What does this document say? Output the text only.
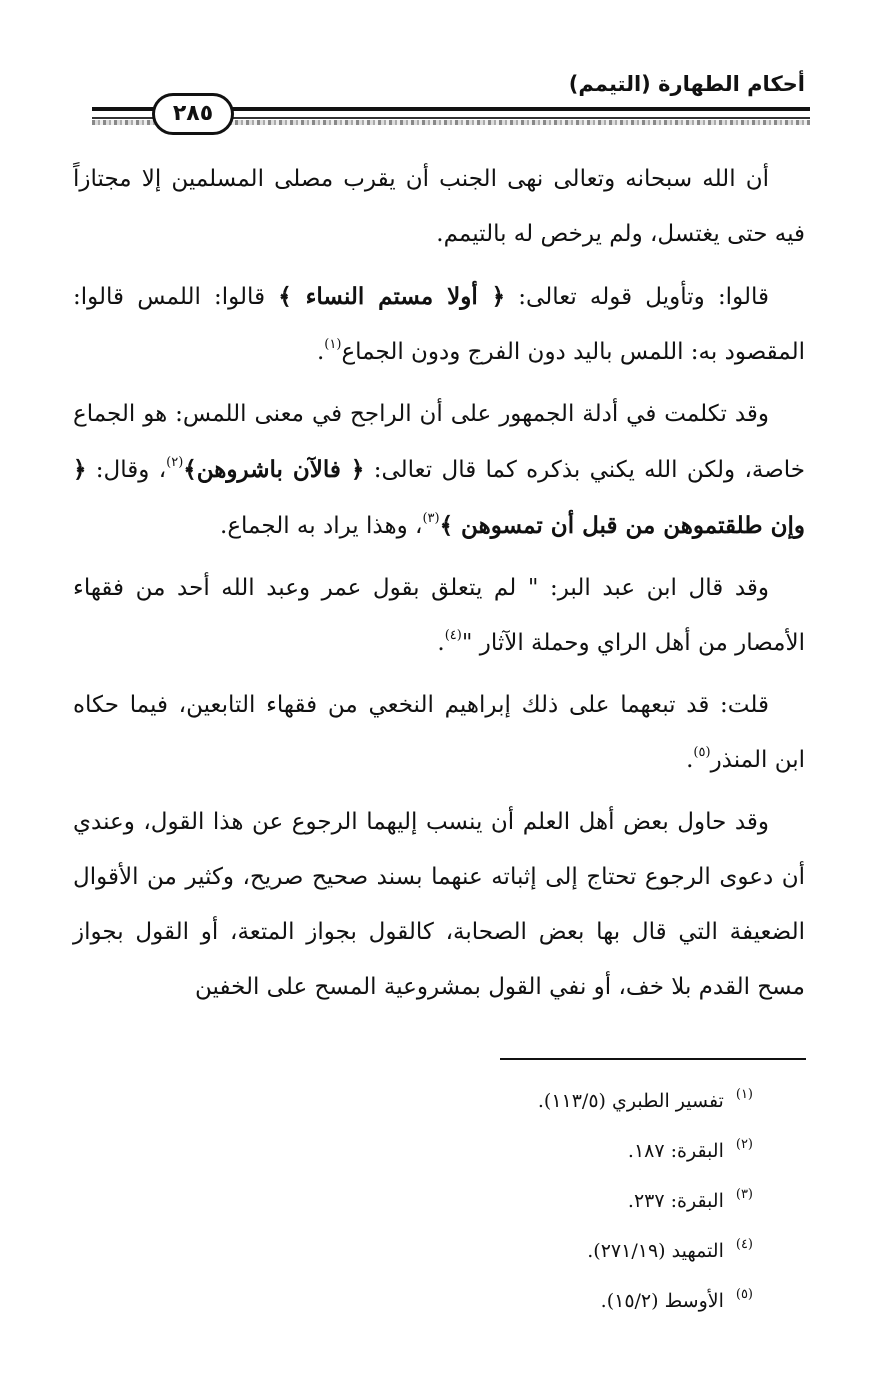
أحكام الطهارة (التيمم)
٢٨٥

أن الله سبحانه وتعالى نهى الجنب أن يقرب مصلى المسلمين إلا مجتازاً فيه حتى يغتسل، ولم يرخص له بالتيمم.

قالوا: وتأويل قوله تعالى: ﴿ أولا مستم النساء ﴾ قالوا: اللمس قالوا: المقصود به: اللمس باليد دون الفرج ودون الجماع$^{(١)}$.

وقد تكلمت في أدلة الجمهور على أن الراجح في معنى اللمس: هو الجماع خاصة، ولكن الله يكني بذكره كما قال تعالى: ﴿ فالآن باشروهن﴾$^{(٢)}$، وقال: ﴿ وإن طلقتموهن من قبل أن تمسوهن ﴾$^{(٣)}$، وهذا يراد به الجماع.

وقد قال ابن عبد البر: " لم يتعلق بقول عمر وعبد الله أحد من فقهاء الأمصار من أهل الراي وحملة الآثار "$^{(٤)}$.

قلت: قد تبعهما على ذلك إبراهيم النخعي من فقهاء التابعين، فيما حكاه ابن المنذر$^{(٥)}$.

وقد حاول بعض أهل العلم أن ينسب إليهما الرجوع عن هذا القول، وعندي أن دعوى الرجوع تحتاج إلى إثباته عنهما بسند صحيح صريح، وكثير من الأقوال الضعيفة التي قال بها بعض الصحابة، كالقول بجواز المتعة، أو القول بجواز مسح القدم بلا خف، أو نفي القول بمشروعية المسح على الخفين

$^{(١)}$تفسير الطبري (١١٣/٥).
$^{(٢)}$البقرة: ١٨٧.
$^{(٣)}$البقرة: ٢٣٧.
$^{(٤)}$التمهيد (٢٧١/١٩).
$^{(٥)}$الأوسط (١٥/٢).
